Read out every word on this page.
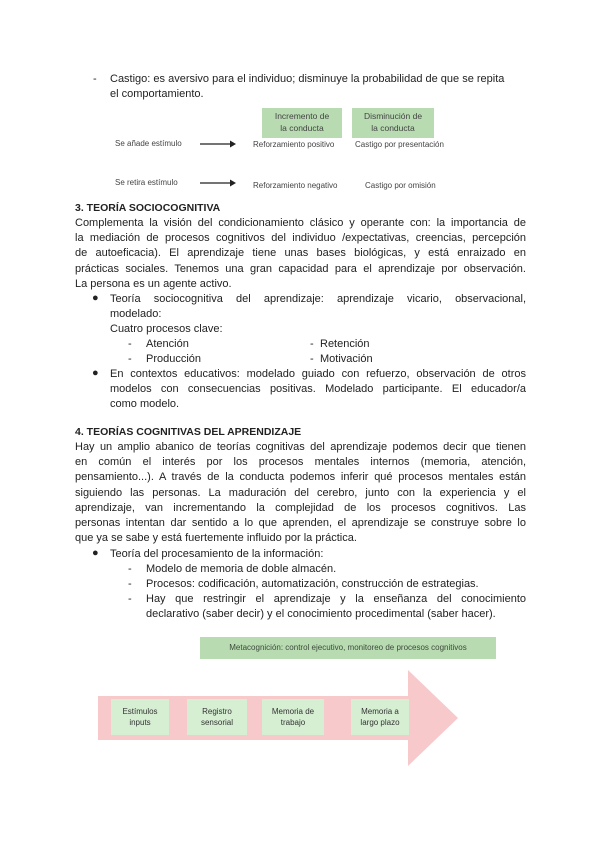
- Castigo: es aversivo para el individuo; disminuye la probabilidad de que se repita
el comportamiento.
Incremento de
la conducta
Disminución de
la conducta
Se añade estímulo	Reforzamiento positivo	Castigo por presentación
Se retira estímulo	Reforzamiento negativo	Castigo por omisión
3. TEORÍA SOCIOCOGNITIVA
Complementa la visión del condicionamiento clásico y operante con: la importancia de
la mediación de procesos cognitivos del individuo /expectativas, creencias, percepción
de autoeficacia). El aprendizaje tiene unas bases biológicas, y está enraizado en
prácticas sociales. Tenemos una gran capacidad para el aprendizaje por observación.
La persona es un agente activo.
● Teoría sociocognitiva del aprendizaje: aprendizaje vicario, observacional,
modelado:
Cuatro procesos clave:
- Atención	- Retención
- Producción	- Motivación
● En contextos educativos: modelado guiado con refuerzo, observación de otros
modelos con consecuencias positivas. Modelado participante. El educador/a
como modelo.
4. TEORÍAS COGNITIVAS DEL APRENDIZAJE
Hay un amplio abanico de teorías cognitivas del aprendizaje podemos decir que tienen
en común el interés por los procesos mentales internos (memoria, atención,
pensamiento...). A través de la conducta podemos inferir qué procesos mentales están
siguiendo las personas. La maduración del cerebro, junto con la experiencia y el
aprendizaje, van incrementando la complejidad de los procesos cognitivos. Las
personas intentan dar sentido a lo que aprenden, el aprendizaje se construye sobre lo
que ya se sabe y está fuertemente influido por la práctica.
● Teoría del procesamiento de la información:
- Modelo de memoria de doble almacén.
- Procesos: codificación, automatización, construcción de estrategias.
- Hay que restringir el aprendizaje y la enseñanza del conocimiento
declarativo (saber decir) y el conocimiento procedimental (saber hacer).
Metacognición: control ejecutivo, monitoreo de procesos cognitivos
Estímulos
inputs
Registro
sensorial
Memoria de
trabajo
Memoria a
largo plazo
